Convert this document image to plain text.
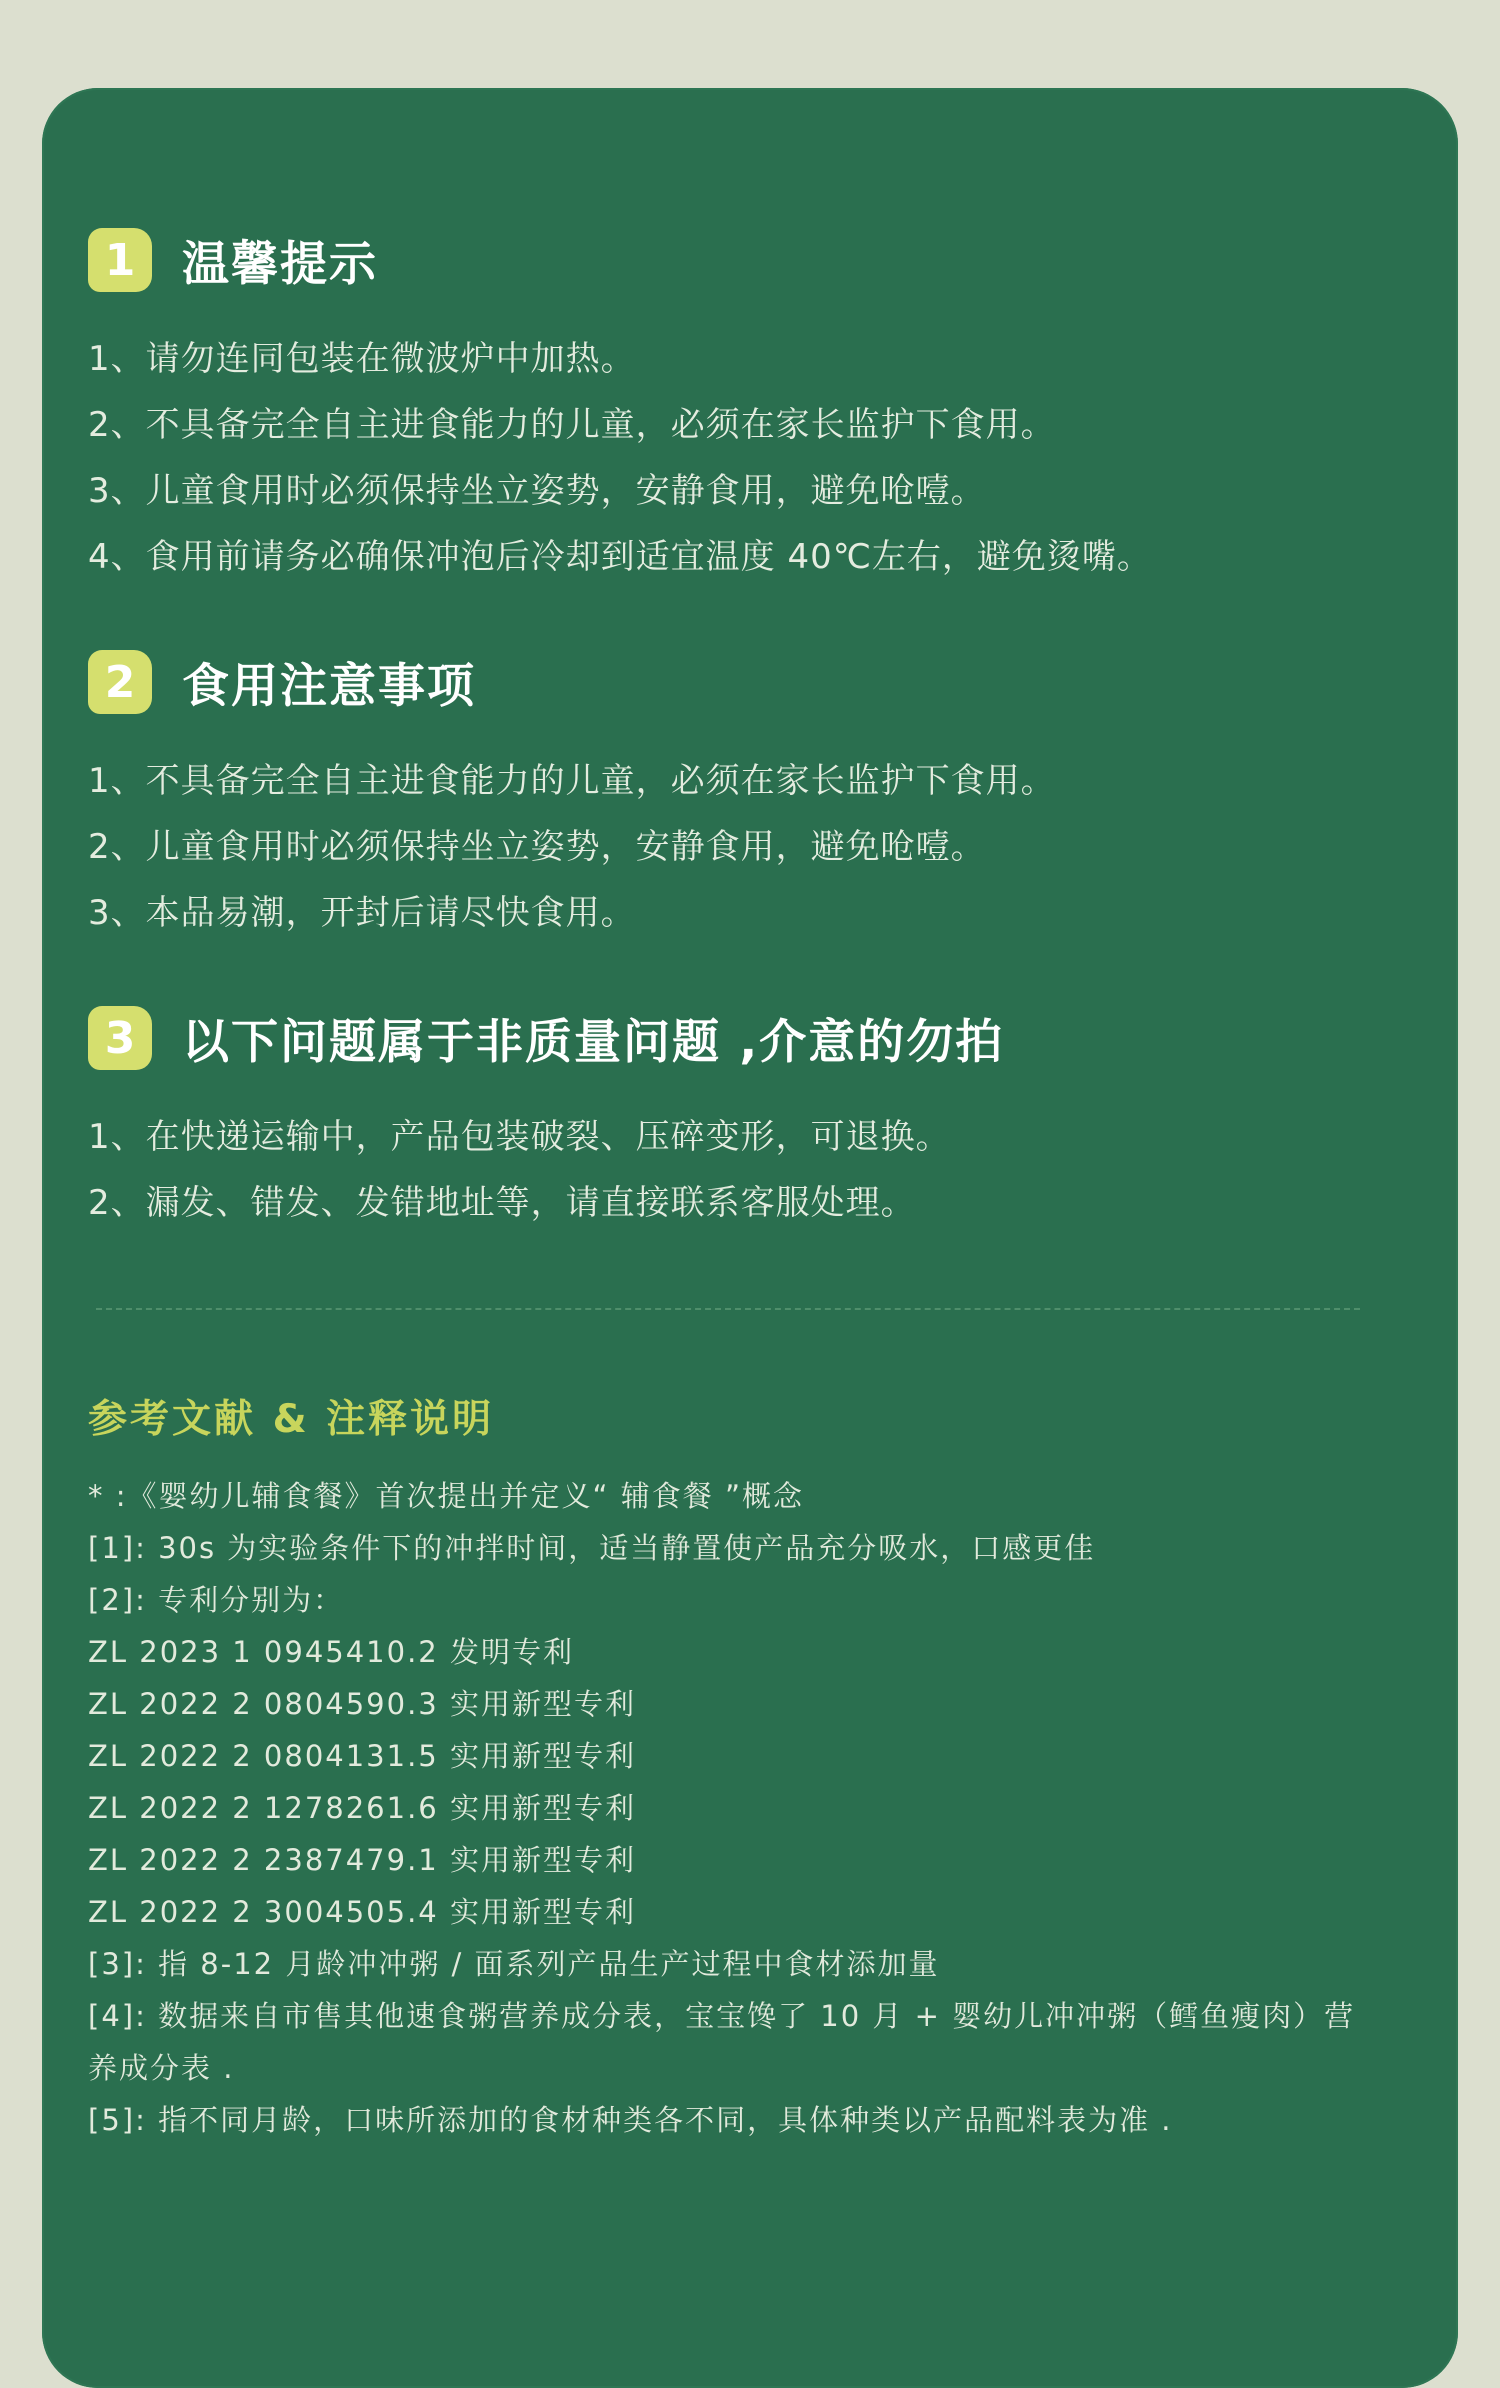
1 温馨提示
1、请勿连同包装在微波炉中加热。
2、不具备完全自主进食能力的儿童，必须在家长监护下食用。
3、儿童食用时必须保持坐立姿势，安静食用，避免呛噎。
4、食用前请务必确保冲泡后冷却到适宜温度 40℃左右，避免烫嘴。
2 食用注意事项
1、不具备完全自主进食能力的儿童，必须在家长监护下食用。
2、儿童食用时必须保持坐立姿势，安静食用，避免呛噎。
3、本品易潮，开封后请尽快食用。
3 以下问题属于非质量问题 ,介意的勿拍
1、在快递运输中，产品包装破裂、压碎变形，可退换。
2、漏发、错发、发错地址等，请直接联系客服处理。
参考文献 & 注释说明
* :《婴幼儿辅食餐》首次提出并定义“ 辅食餐 ”概念
[1]: 30s 为实验条件下的冲拌时间，适当静置使产品充分吸水，口感更佳
[2]: 专利分别为：
ZL 2023 1 0945410.2 发明专利
ZL 2022 2 0804590.3 实用新型专利
ZL 2022 2 0804131.5 实用新型专利
ZL 2022 2 1278261.6 实用新型专利
ZL 2022 2 2387479.1 实用新型专利
ZL 2022 2 3004505.4 实用新型专利
[3]: 指 8-12 月龄冲冲粥 / 面系列产品生产过程中食材添加量
[4]: 数据来自市售其他速食粥营养成分表，宝宝馋了 10 月 + 婴幼儿冲冲粥（鳕鱼瘦肉）营养成分表 .
[5]: 指不同月龄，口味所添加的食材种类各不同，具体种类以产品配料表为准 .
